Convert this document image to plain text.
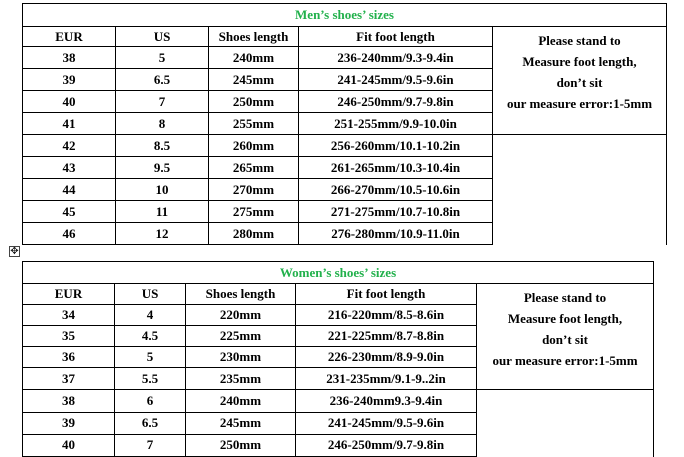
Men’s shoes’ sizes					
EUR	US	Shoes length	Fit foot length	Please stand to
Measure foot length,
don’t sit
our measure error:1-5mm	

38	5	240mm	236-240mm/9.3-9.4in		
39	6.5	245mm	241-245mm/9.5-9.6in		
40	7	250mm	246-250mm/9.7-9.8in		
41	8	255mm	251-255mm/9.9-10.0in	

42	8.5	260mm	256-260mm/10.1-10.2in		
43	9.5	265mm	261-265mm/10.3-10.4in		
44	10	270mm	266-270mm/10.5-10.6in		
45	11	275mm	271-275mm/10.7-10.8in		
46	12	280mm	276-280mm/10.9-11.0in		
✥
Women’s shoes’ sizes					
EUR	US	Shoes length	Fit foot length	Please stand to
Measure foot length,
don’t sit
our measure error:1-5mm	

34	4	220mm	216-220mm/8.5-8.6in		
35	4.5	225mm	221-225mm/8.7-8.8in		
36	5	230mm	226-230mm/8.9-9.0in		
37	5.5	235mm	231-235mm/9.1-9..2in	

38	6	240mm	236-240mm9.3-9.4in		
39	6.5	245mm	241-245mm/9.5-9.6in		
40	7	250mm	246-250mm/9.7-9.8in		
